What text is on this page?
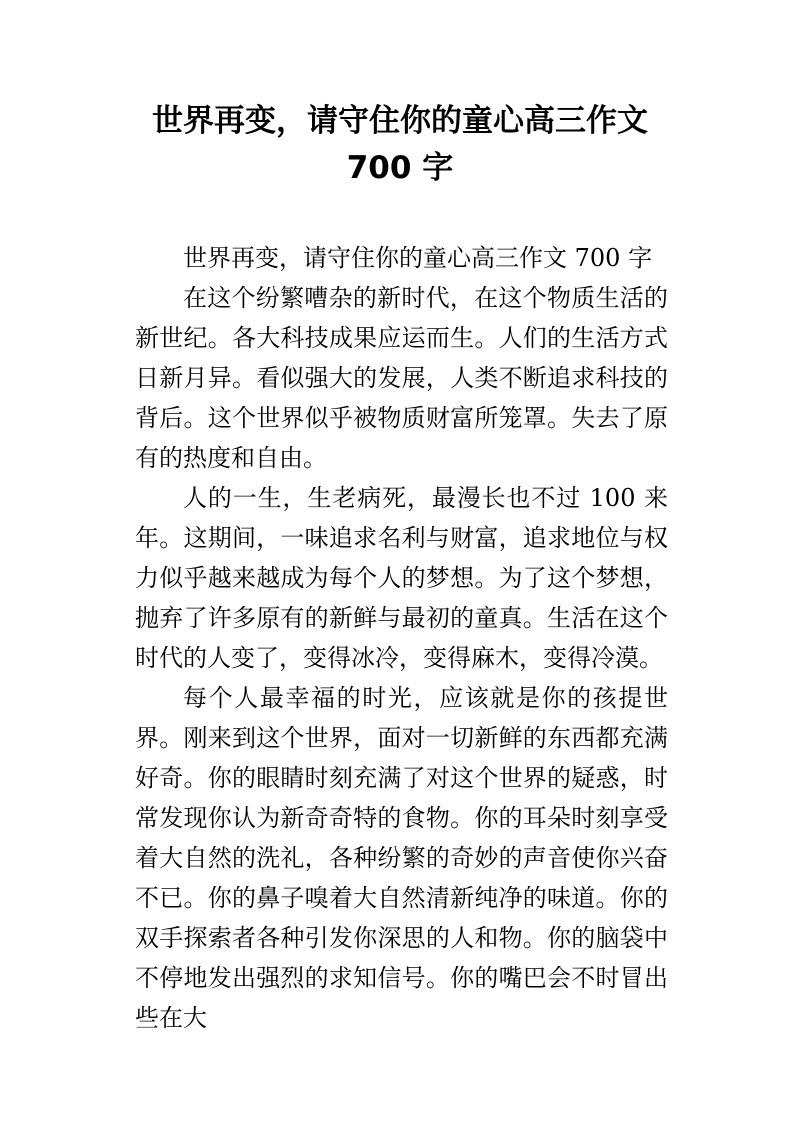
世界再变，请守住你的童心高三作文
700 字

世界再变，请守住你的童心高三作文 700 字

在这个纷繁嘈杂的新时代，在这个物质生活的新世纪。各大科技成果应运而生。人们的生活方式日新月异。看似强大的发展，人类不断追求科技的背后。这个世界似乎被物质财富所笼罩。失去了原有的热度和自由。

人的一生，生老病死，最漫长也不过 100 来年。这期间，一味追求名利与财富，追求地位与权力似乎越来越成为每个人的梦想。为了这个梦想，抛弃了许多原有的新鲜与最初的童真。生活在这个时代的人变了，变得冰冷，变得麻木，变得冷漠。

每个人最幸福的时光，应该就是你的孩提世界。刚来到这个世界，面对一切新鲜的东西都充满好奇。你的眼睛时刻充满了对这个世界的疑惑，时常发现你认为新奇奇特的食物。你的耳朵时刻享受着大自然的洗礼，各种纷繁的奇妙的声音使你兴奋不已。你的鼻子嗅着大自然清新纯净的味道。你的双手探索者各种引发你深思的人和物。你的脑袋中不停地发出强烈的求知信号。你的嘴巴会不时冒出些在大
